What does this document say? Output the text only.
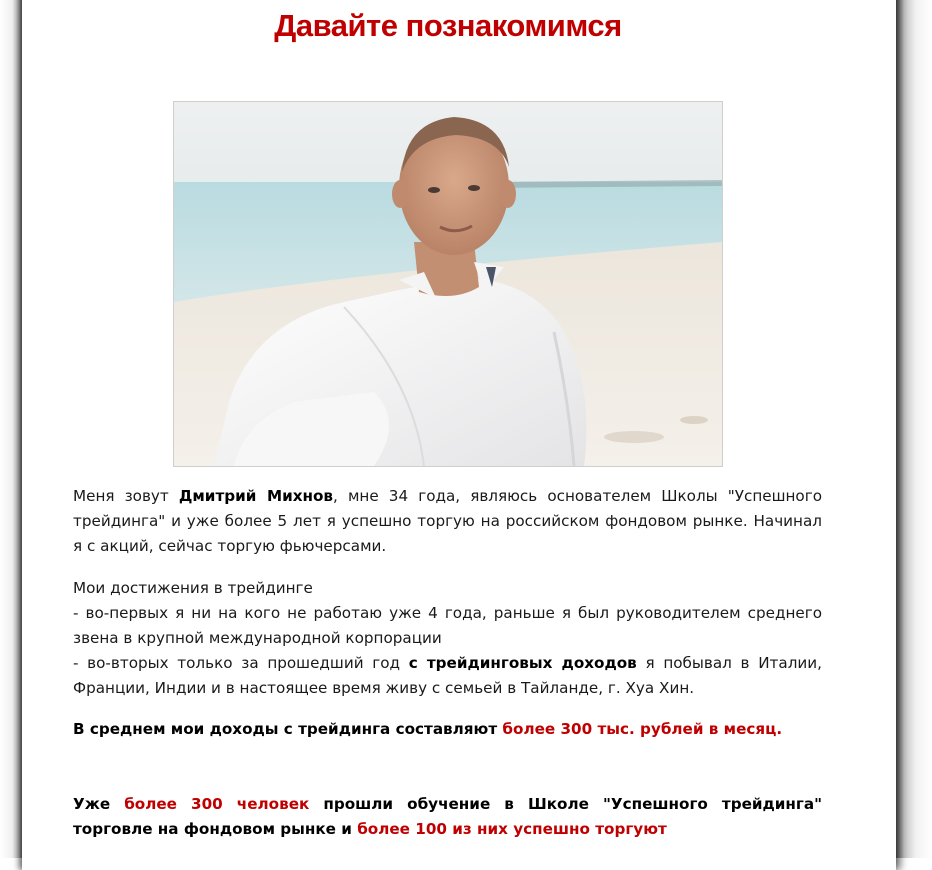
Давайте познакомимся

Меня зовут Дмитрий Михнов, мне 34 года, являюсь основателем Школы "Успешного трейдинга" и уже более 5 лет я успешно торгую на российском фондовом рынке. Начинал я с акций, сейчас торгую фьючерсами.

Мои достижения в трейдинге

- во-первых я ни на кого не работаю уже 4 года, раньше я был руководителем среднего звена в крупной международной корпорации

- во-вторых только за прошедший год с трейдинговых доходов я побывал в Италии, Франции, Индии и в настоящее время живу с семьей в Тайланде, г. Хуа Хин.

В среднем мои доходы с трейдинга составляют более 300 тыс. рублей в месяц.

Уже более 300 человек прошли обучение в Школе "Успешного трейдинга" торговле на фондовом рынке и более 100 из них успешно торгуют
